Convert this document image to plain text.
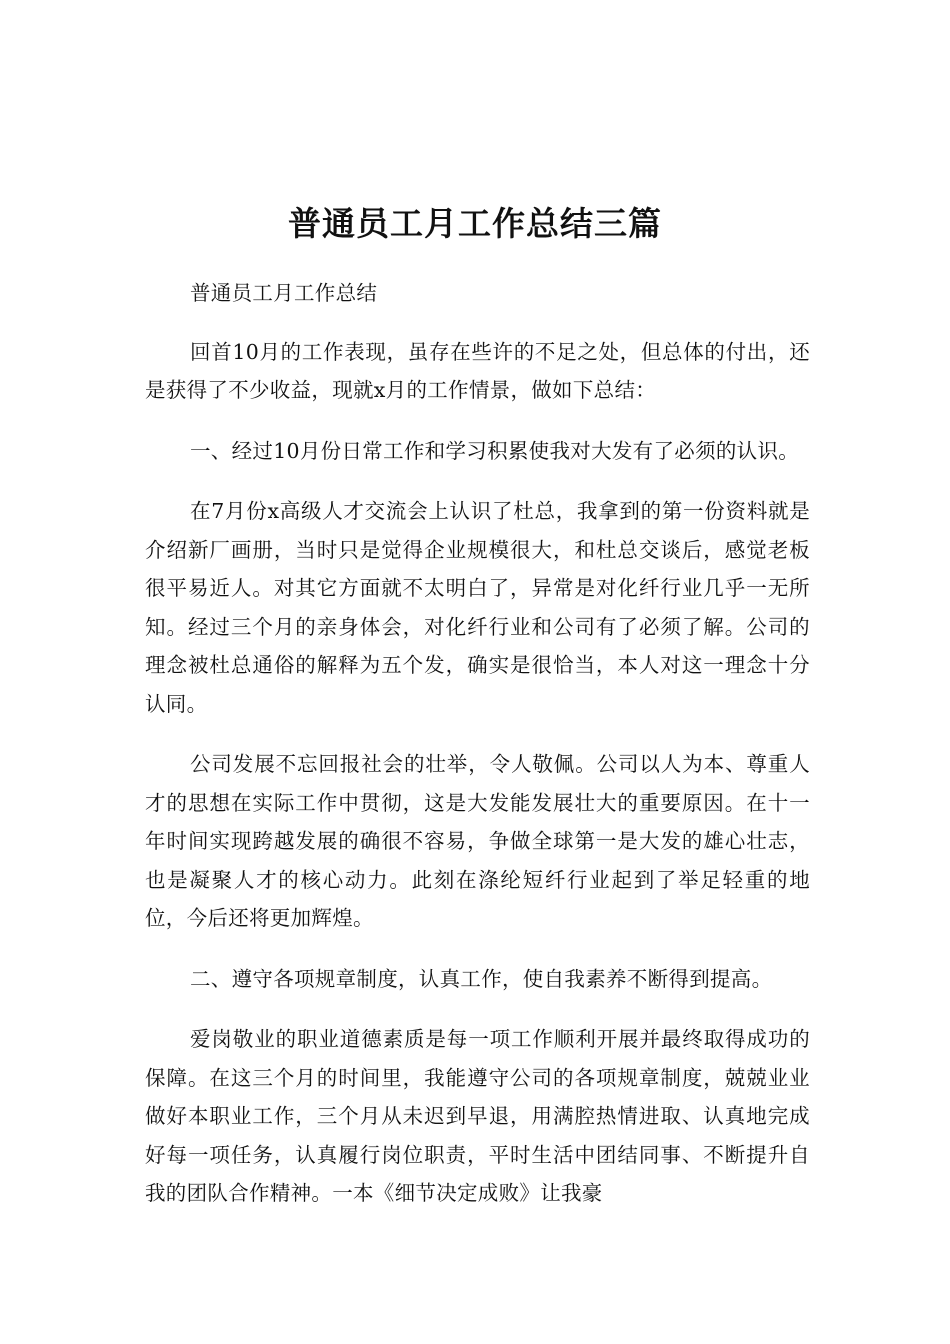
普通员工月工作总结三篇

普通员工月工作总结

回首10月的工作表现，虽存在些许的不足之处，但总体的付出，还是获得了不少收益，现就x月的工作情景，做如下总结：

一、经过10月份日常工作和学习积累使我对大发有了必须的认识。

在7月份x高级人才交流会上认识了杜总，我拿到的第一份资料就是介绍新厂画册，当时只是觉得企业规模很大，和杜总交谈后，感觉老板很平易近人。对其它方面就不太明白了，异常是对化纤行业几乎一无所知。经过三个月的亲身体会，对化纤行业和公司有了必须了解。公司的理念被杜总通俗的解释为五个发，确实是很恰当，本人对这一理念十分认同。

公司发展不忘回报社会的壮举，令人敬佩。公司以人为本、尊重人才的思想在实际工作中贯彻，这是大发能发展壮大的重要原因。在十一年时间实现跨越发展的确很不容易，争做全球第一是大发的雄心壮志，也是凝聚人才的核心动力。此刻在涤纶短纤行业起到了举足轻重的地位，今后还将更加辉煌。

二、遵守各项规章制度，认真工作，使自我素养不断得到提高。

爱岗敬业的职业道德素质是每一项工作顺利开展并最终取得成功的保障。在这三个月的时间里，我能遵守公司的各项规章制度，兢兢业业做好本职业工作，三个月从未迟到早退，用满腔热情进取、认真地完成好每一项任务，认真履行岗位职责，平时生活中团结同事、不断提升自我的团队合作精神。一本《细节决定成败》让我豪
